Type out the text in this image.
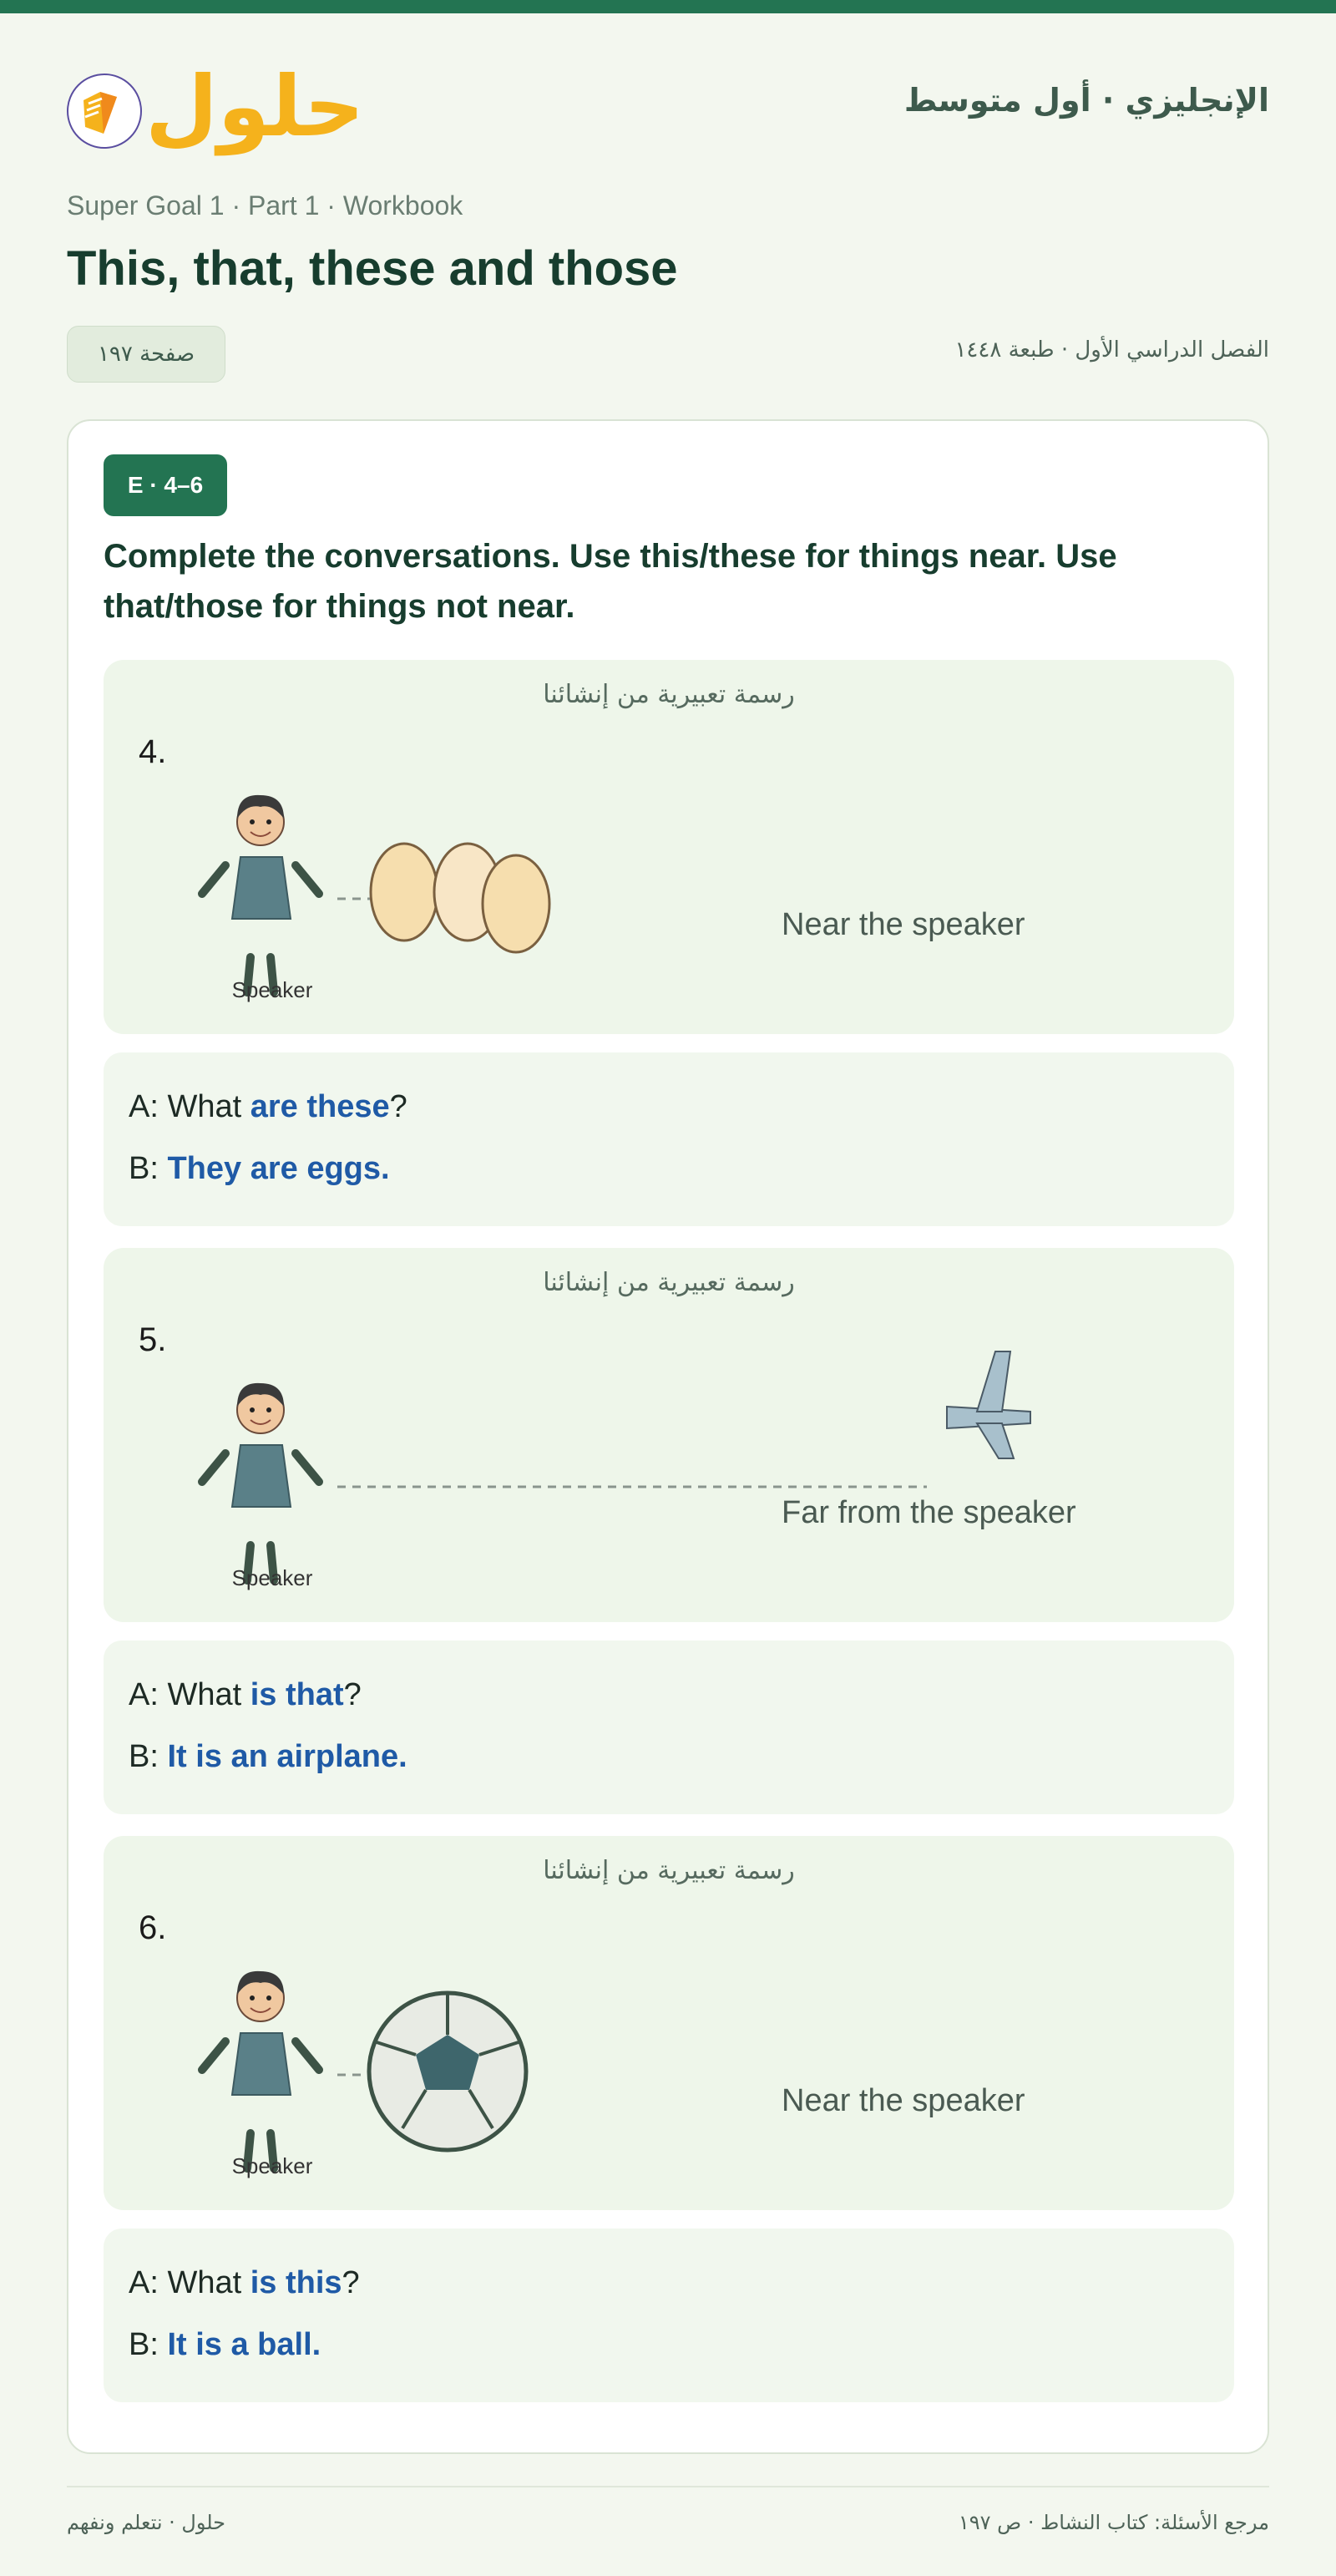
حلول	الإنجليزي · أول متوسط
Super Goal 1 · Part 1 · Workbook
This, that, these and those
صفحة ١٩٧	الفصل الدراسي الأول · طبعة ١٤٤٨
E · 4–6
Complete the conversations. Use this/these for things near. Use that/those for things not near.
رسمة تعبيرية من إنشائنا
4.
Speaker
Near the speaker
A: What are these?
B: They are eggs.
رسمة تعبيرية من إنشائنا
5.
Speaker
Far from the speaker
A: What is that?
B: It is an airplane.
رسمة تعبيرية من إنشائنا
6.
Speaker
Near the speaker
A: What is this?
B: It is a ball.
حلول · نتعلم ونفهم	مرجع الأسئلة: كتاب النشاط · ص ١٩٧
